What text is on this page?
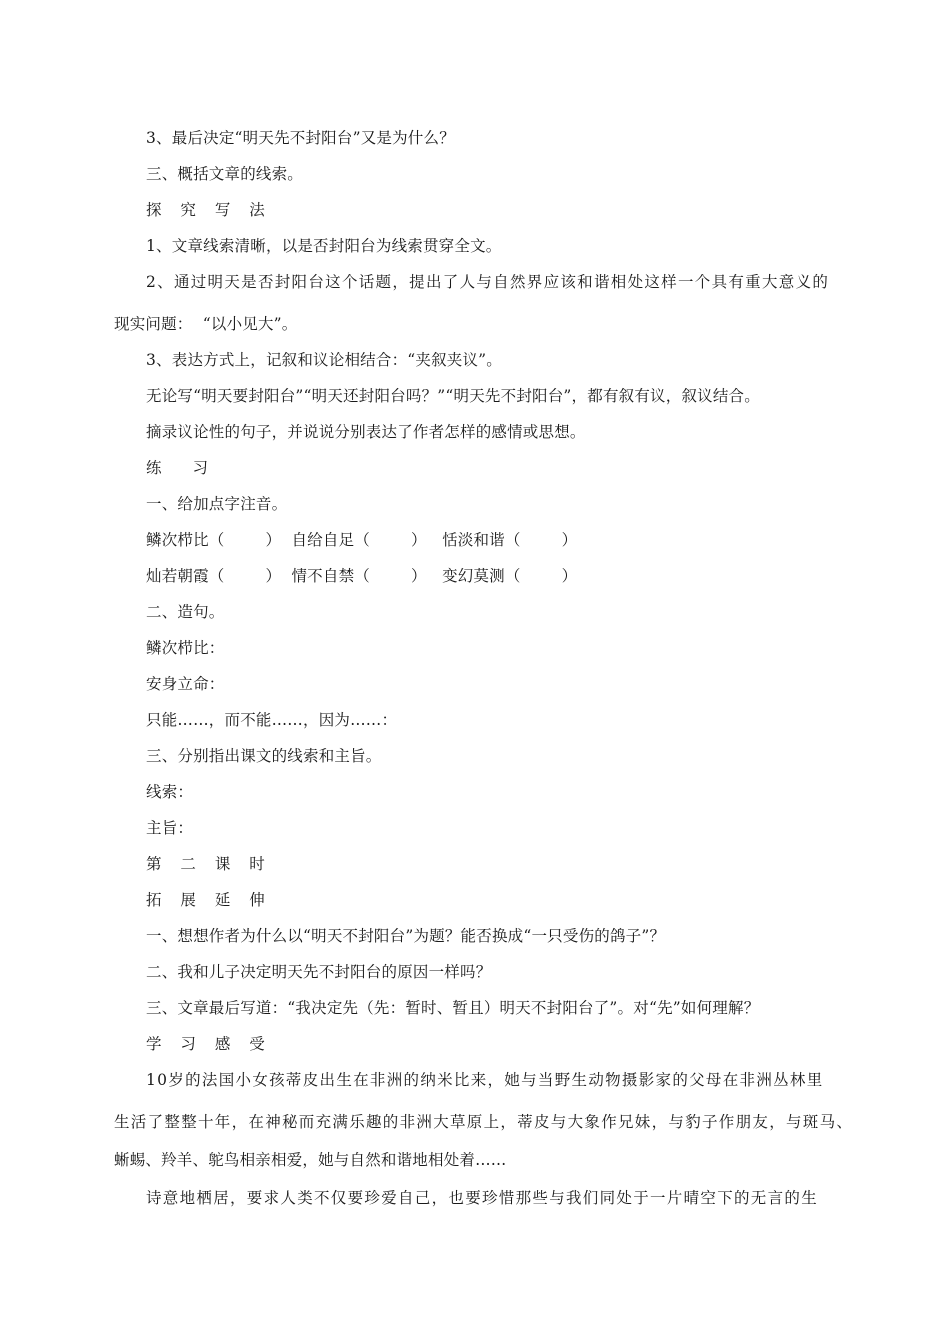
3、最后决定“明天先不封阳台”又是为什么？
三、概括文章的线索。
探 究 写 法
1、文章线索清晰，以是否封阳台为线索贯穿全文。
2、通过明天是否封阳台这个话题，提出了人与自然界应该和谐相处这样一个具有重大意义的
现实问题：  “以小见大”。
3、表达方式上，记叙和议论相结合：“夹叙夹议”。
无论写“明天要封阳台”“明天还封阳台吗？”“明天先不封阳台”，都有叙有议，叙议结合。
摘录议论性的句子，并说说分别表达了作者怎样的感情或思想。
练      习
一、给加点字注音。
鳞次栉比（        ）  自给自足（        ）   恬淡和谐（        ）
灿若朝霞（        ）  情不自禁（        ）   变幻莫测（        ）
二、造句。
鳞次栉比：
安身立命：
只能……，而不能……，因为……：
三、分别指出课文的线索和主旨。
线索：
主旨：
第 二 课 时
拓 展 延 伸
一、想想作者为什么以“明天不封阳台”为题？能否换成“一只受伤的鸽子”？
二、我和儿子决定明天先不封阳台的原因一样吗？
三、文章最后写道：“我决定先（先：暂时、暂且）明天不封阳台了”。对“先”如何理解？
学 习 感 受
10岁的法国小女孩蒂皮出生在非洲的纳米比来，她与当野生动物摄影家的父母在非洲丛林里
生活了整整十年，在神秘而充满乐趣的非洲大草原上，蒂皮与大象作兄妹，与豹子作朋友，与斑马、
蜥蜴、羚羊、鸵鸟相亲相爱，她与自然和谐地相处着……
诗意地栖居，要求人类不仅要珍爱自己，也要珍惜那些与我们同处于一片晴空下的无言的生
